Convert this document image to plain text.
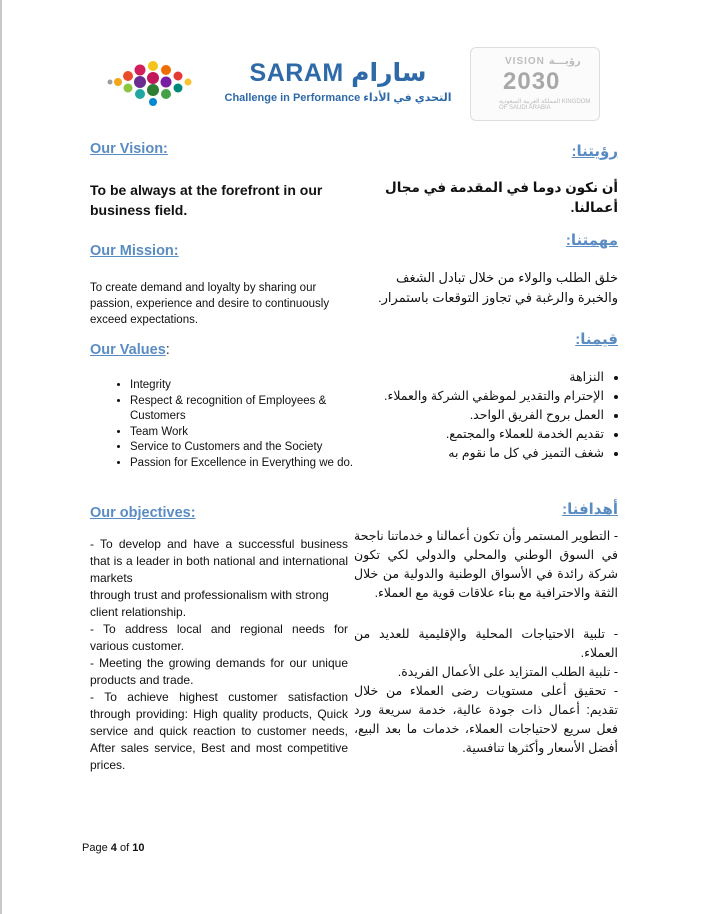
SARAM سارام
Challenge in Performance التحدي في الأداء
VISION رؤيـــة
2030
المملكة العربية السعودية KINGDOM OF SAUDI ARABIA
Our Vision:	رؤيتنا:
To be always at the forefront in our business field.
أن نكون دوما في المقدمة في مجال أعمالنا.
Our Mission:
مهمتنا:
To create demand and loyalty by sharing our passion, experience and desire to continuously exceed expectations.
خلق الطلب والولاء من خلال تبادل الشغف والخبرة والرغبة في تجاوز التوقعات باستمرار.
Our Values:
قيمنا:
• Integrity
• Respect & recognition of Employees & Customers
• Team Work
• Service to Customers and the Society
• Passion for Excellence in Everything we do.
• النزاهة
• الإحترام والتقدير لموظفي الشركة والعملاء.
• العمل بروح الفريق الواحد.
• تقديم الخدمة للعملاء والمجتمع.
• شغف التميز في كل ما نقوم به
Our objectives:	أهدافنا:

- To develop and have a successful business that is a leader in both national and international markets

through trust and professionalism with strong client relationship.

- To address local and regional needs for various customer.

- Meeting the growing demands for our unique products and trade.

- To achieve highest customer satisfaction through providing: High quality products, Quick service and quick reaction to customer needs, After sales service, Best and most competitive prices.

- التطوير المستمر وأن تكون أعمالنا و خدماتنا ناجحة في السوق الوطني والمحلي والدولي لكي تكون شركة رائدة في الأسواق الوطنية والدولية من خلال الثقة والاحترافية مع بناء علاقات قوية مع العملاء.

- تلبية الاحتياجات المحلية والإقليمية للعديد من العملاء.

- تلبية الطلب المتزايد على الأعمال الفريدة.

- تحقيق أعلى مستويات رضى العملاء من خلال تقديم: أعمال ذات جودة عالية، خدمة سريعة ورد فعل سريع لاحتياجات العملاء، خدمات ما بعد البيع، أفضل الأسعار وأكثرها تنافسية.

Page 4 of 10
